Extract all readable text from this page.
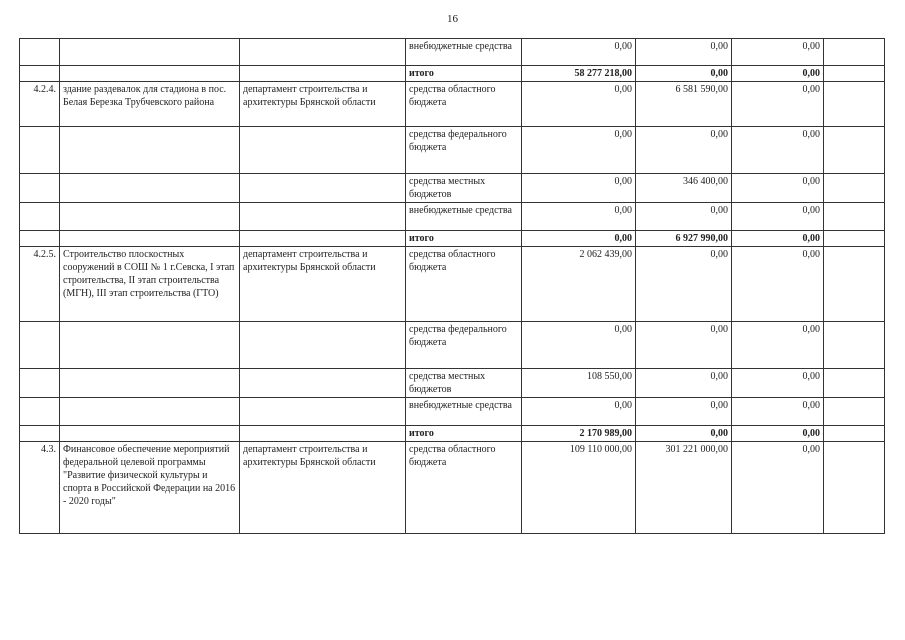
16
			внебюджетные средства	0,00	0,00	0,00	
			итого	58 277 218,00	0,00	0,00	
4.2.4.	здание раздевалок для стадиона в пос. Белая Березка Трубчевского района	департамент строительства и архитектуры Брянской области	средства областного бюджета	0,00	6 581 590,00	0,00	
			средства федерального бюджета	0,00	0,00	0,00	
			средства местных бюджетов	0,00	346 400,00	0,00	
			внебюджетные средства	0,00	0,00	0,00	
			итого	0,00	6 927 990,00	0,00	
4.2.5.	Строительство плоскостных сооружений в СОШ № 1 г.Севска, I этап строительства, II этап строительства (МГН), III этап строительства (ГТО)	департамент строительства и архитектуры Брянской области	средства областного бюджета	2 062 439,00	0,00	0,00	
			средства федерального бюджета	0,00	0,00	0,00	
			средства местных бюджетов	108 550,00	0,00	0,00	
			внебюджетные средства	0,00	0,00	0,00	
			итого	2 170 989,00	0,00	0,00	
4.3.	Финансовое обеспечение мероприятий федеральной целевой программы "Развитие физической культуры и спорта в Российской Федерации на 2016 - 2020 годы"	департамент строительства и архитектуры Брянской области	средства областного бюджета	109 110 000,00	301 221 000,00	0,00	
